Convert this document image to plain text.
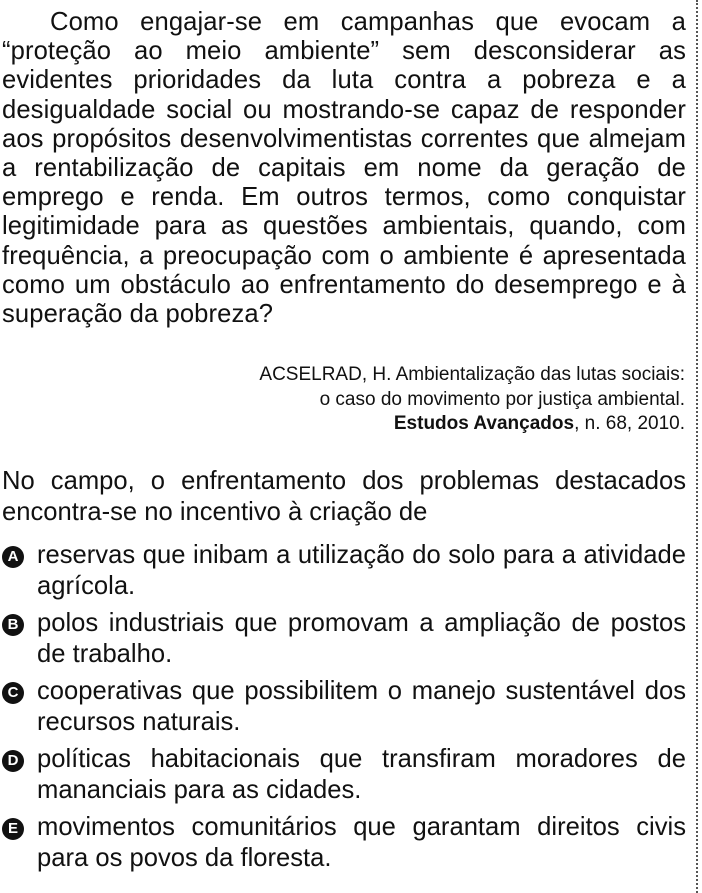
Como engajar-se em campanhas que evocam a “proteção ao meio ambiente” sem desconsiderar as evidentes prioridades da luta contra a pobreza e a desigualdade social ou mostrando-se capaz de responder aos propósitos desenvolvimentistas correntes que almejam a rentabilização de capitais em nome da geração de emprego e renda. Em outros termos, como conquistar legitimidade para as questões ambientais, quando, com frequência, a preocupação com o ambiente é apresentada como um obstáculo ao enfrentamento do desemprego e à superação da pobreza?

ACSELRAD, H. Ambientalização das lutas sociais:
o caso do movimento por justiça ambiental.
Estudos Avançados, n. 68, 2010.

No campo, o enfrentamento dos problemas destacados encontra-se no incentivo à criação de

A reservas que inibam a utilização do solo para a atividade agrícola.
B polos industriais que promovam a ampliação de postos de trabalho.
C cooperativas que possibilitem o manejo sustentável dos recursos naturais.
D políticas habitacionais que transfiram moradores de mananciais para as cidades.
E movimentos comunitários que garantam direitos civis para os povos da floresta.
